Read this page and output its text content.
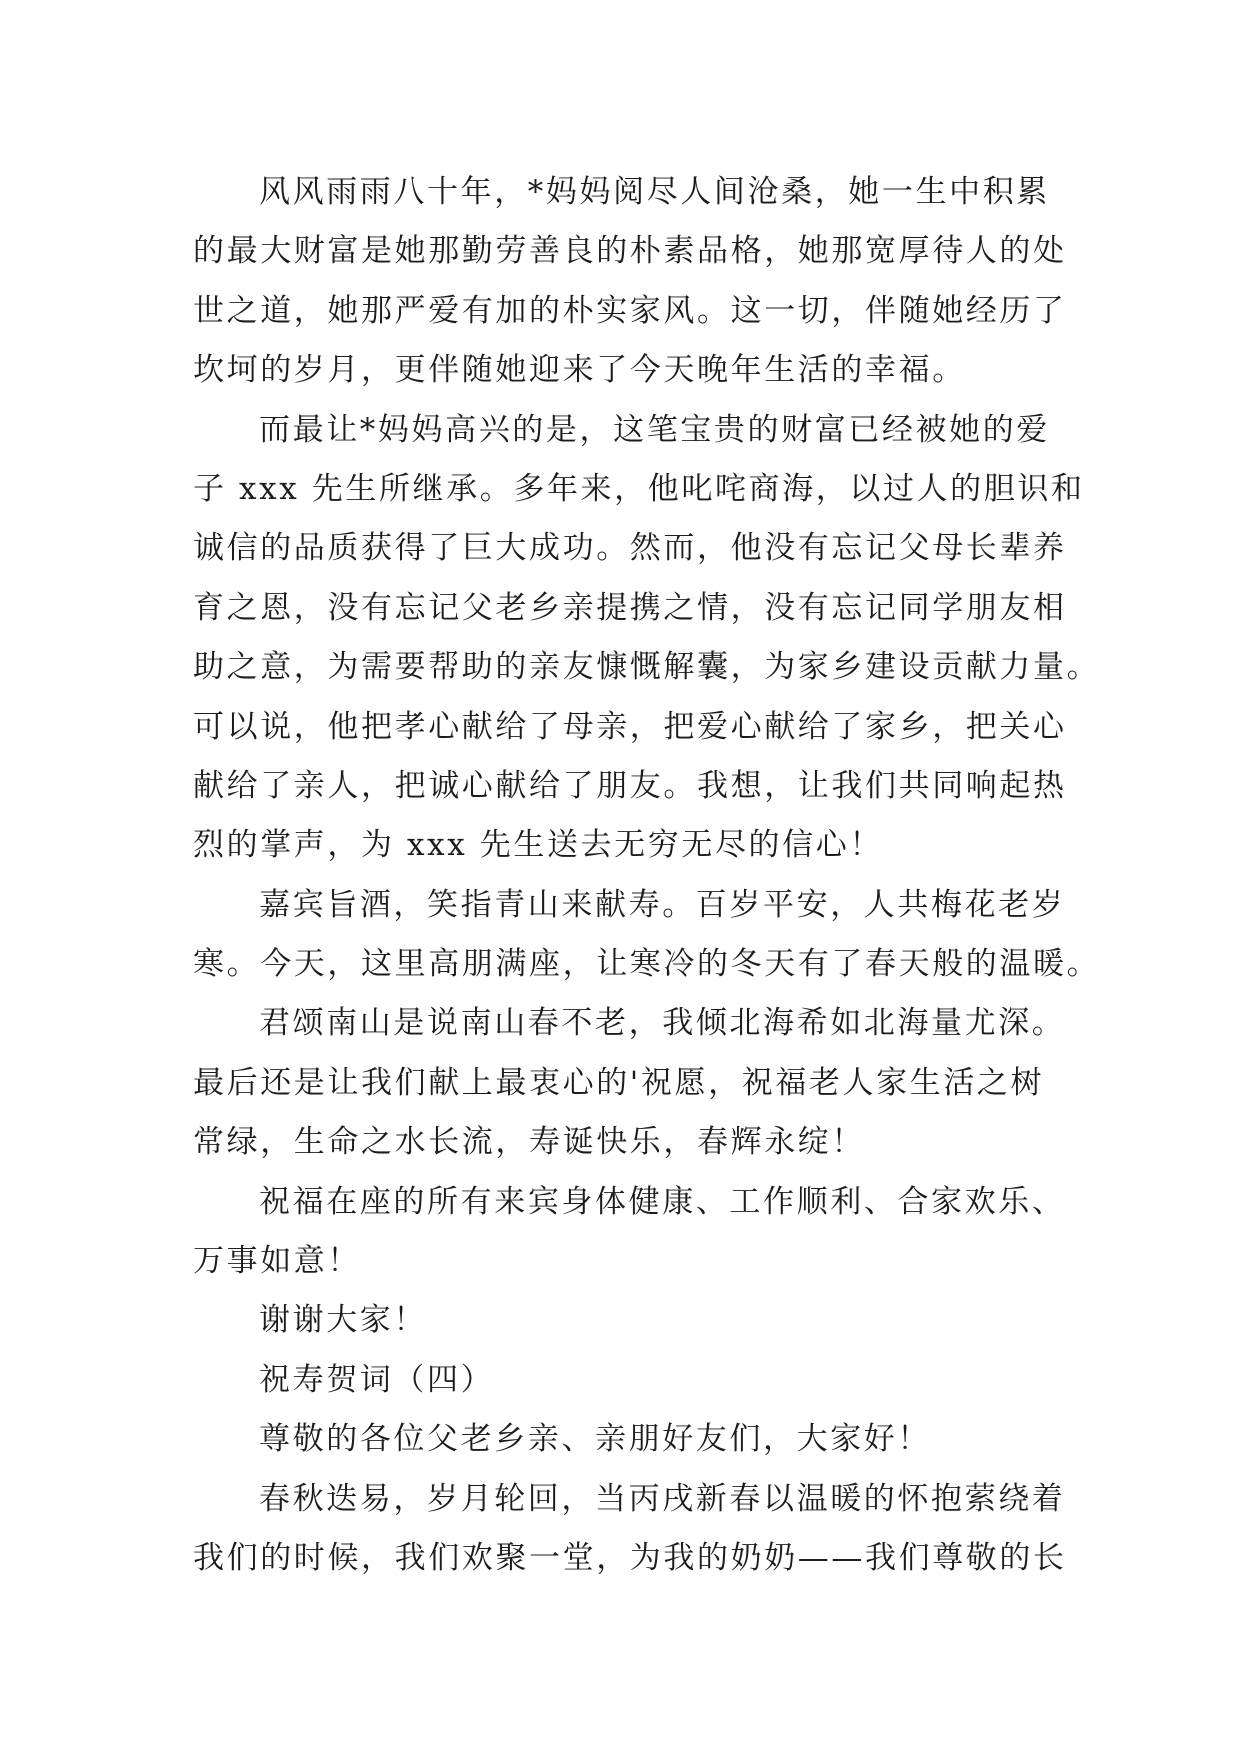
风风雨雨八十年，*妈妈阅尽人间沧桑，她一生中积累
的最大财富是她那勤劳善良的朴素品格，她那宽厚待人的处
世之道，她那严爱有加的朴实家风。这一切，伴随她经历了
坎坷的岁月，更伴随她迎来了今天晚年生活的幸福。
而最让*妈妈高兴的是，这笔宝贵的财富已经被她的爱
子 xxx 先生所继承。多年来，他叱咤商海，以过人的胆识和
诚信的品质获得了巨大成功。然而，他没有忘记父母长辈养
育之恩，没有忘记父老乡亲提携之情，没有忘记同学朋友相
助之意，为需要帮助的亲友慷慨解囊，为家乡建设贡献力量。
可以说，他把孝心献给了母亲，把爱心献给了家乡，把关心
献给了亲人，把诚心献给了朋友。我想，让我们共同响起热
烈的掌声，为 xxx 先生送去无穷无尽的信心！
嘉宾旨酒，笑指青山来献寿。百岁平安，人共梅花老岁
寒。今天，这里高朋满座，让寒冷的冬天有了春天般的温暖。
君颂南山是说南山春不老，我倾北海希如北海量尤深。
最后还是让我们献上最衷心的'祝愿，祝福老人家生活之树
常绿，生命之水长流，寿诞快乐，春辉永绽！
祝福在座的所有来宾身体健康、工作顺利、合家欢乐、
万事如意！
谢谢大家！
祝寿贺词（四）
尊敬的各位父老乡亲、亲朋好友们，大家好！
春秋迭易，岁月轮回，当丙戌新春以温暖的怀抱萦绕着
我们的时候，我们欢聚一堂，为我的奶奶——我们尊敬的长
